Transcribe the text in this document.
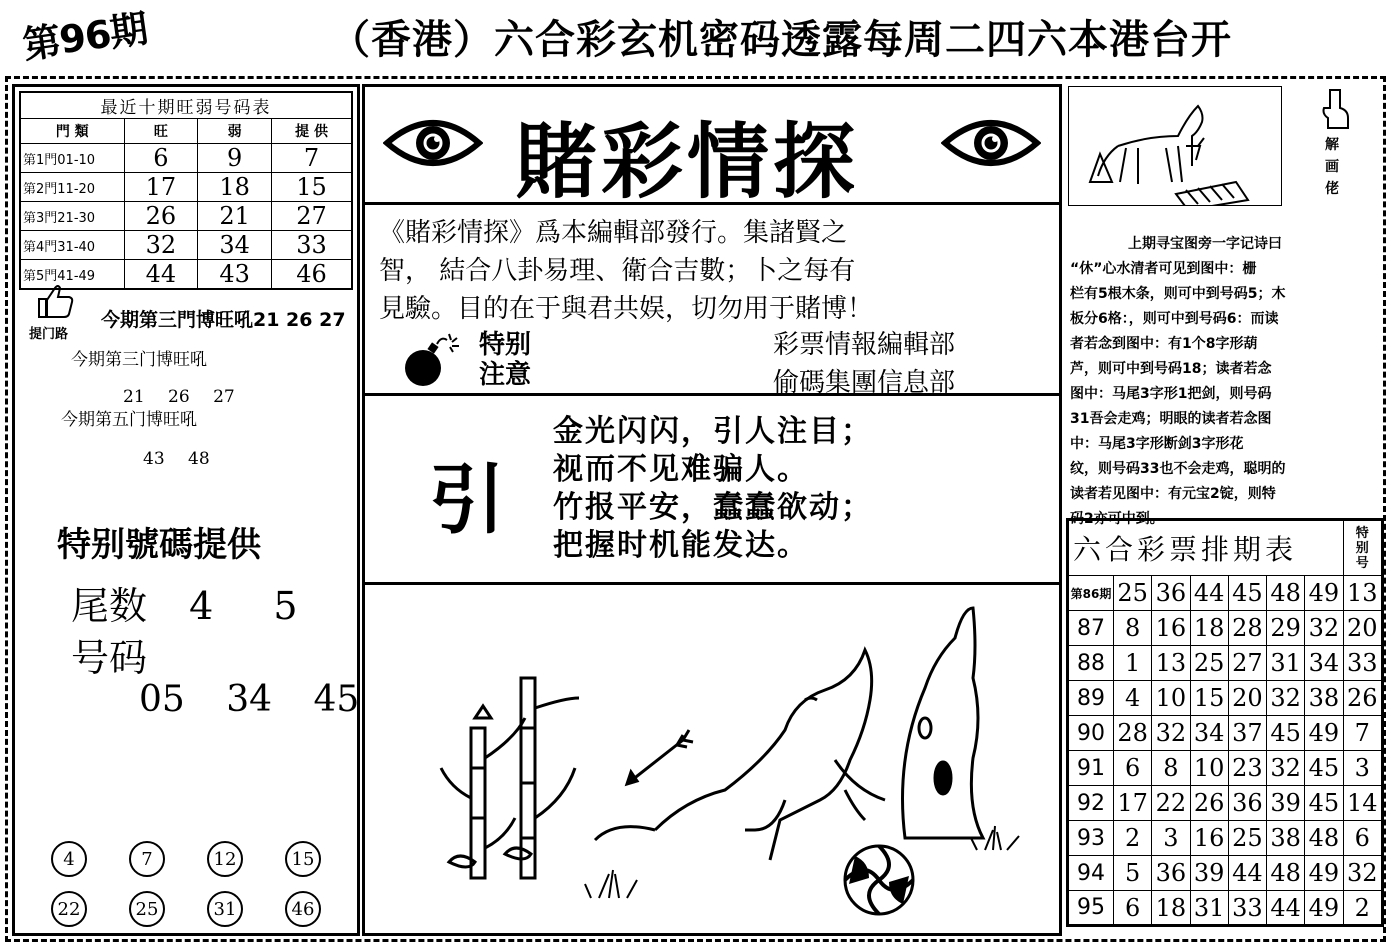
第96期	（香港）六合彩玄机密码透露每周二四六本港台开
最近十期旺弱号码表			
門 類	旺	弱	提 供
第1門01-10	6	9	7
第2門11-20	17	18	15
第3門21-30	26	21	27
第4門31-40	32	34	33
第5門41-49	44	43	46
提门路
今期第三門博旺吼21 26 27
今期第三门博旺吼
21 26 27
今期第五门博旺吼
43 48
特别號碼提供
尾数 4 5
号码
05 34 45
4	7	12	15
22	25	31	46
賭彩情探
《賭彩情探》爲本編輯部發行。集諸賢之
智， 結合八卦易理、衛合吉數；卜之每有
見驗。目的在于與君共娱，切勿用于賭博！
特别
注意
彩票情報編輯部
偷碼集團信息部
引
金光闪闪，引人注目；
视而不见难骗人。
竹报平安，蠢蠢欲动；
把握时机能发达。
解
画
佬
上期寻宝图旁一字记诗曰
“休”心水清者可见到图中：栅
栏有5根木条，则可中到号码5；木
板分6格：，则可中到号码6：而读
者若念到图中：有1个8字形葫
芦，则可中到号码18；读者若念
图中：马尾3字形1把剑，则号码
31吾会走鸡；明眼的读者若念图
中：马尾3字形断剑3字形花
纹，则号码33也不会走鸡，聪明的
读者若见图中：有元宝2锭，则特
码2亦可中到。
六合彩票排期表							特
别
号

第86期	25	36	44	45	48	49	13
87	8	16	18	28	29	32	20
88	1	13	25	27	31	34	33
89	4	10	15	20	32	38	26
90	28	32	34	37	45	49	7
91	6	8	10	23	32	45	3
92	17	22	26	36	39	45	14
93	2	3	16	25	38	48	6
94	5	36	39	44	48	49	32
95	6	18	31	33	44	49	2
